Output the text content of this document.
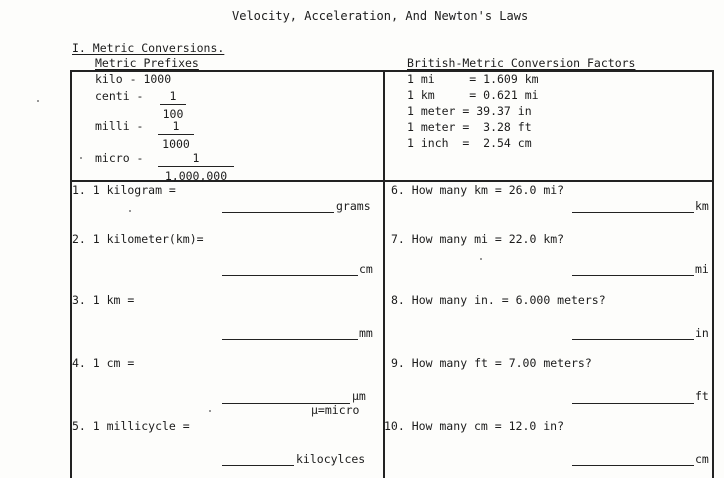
Velocity, Acceleration, And Newton's Laws
I. Metric Conversions.
Metric Prefixes	British-Metric Conversion Factors
kilo - 1000
centi -	1
100
milli -	1
1000
micro -	1
1,000,000
1 mi     = 1.609 km
1 km     = 0.621 mi
1 meter = 39.37 in
1 meter =  3.28 ft
1 inch  =  2.54 cm
1. 1 kilogram =
grams
2. 1 kilometer(km)=
cm
3. 1 km =
mm
4. 1 cm =
μm
μ=micro
5. 1 millicycle =
kilocylces
6. How many km = 26.0 mi?
km
7. How many mi = 22.0 km?
mi
8. How many in. = 6.000 meters?
in
9. How many ft = 7.00 meters?
ft
10. How many cm = 12.0 in?
cm
